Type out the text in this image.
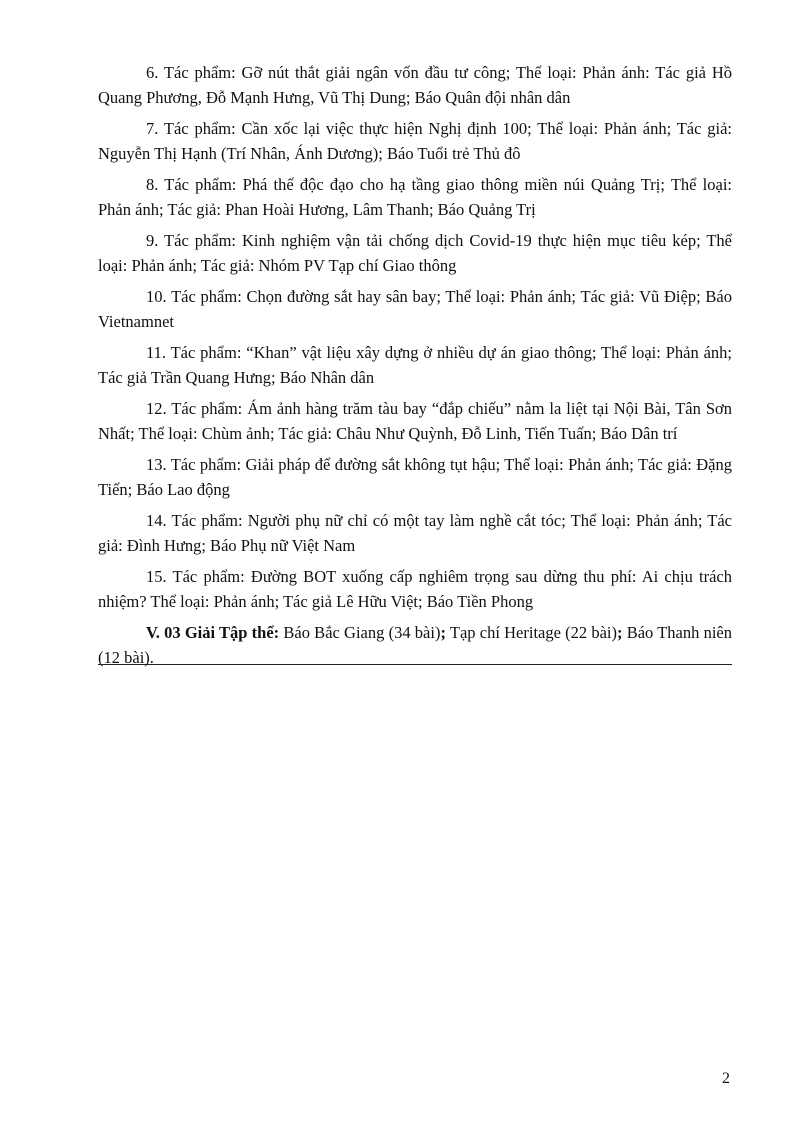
6. Tác phẩm: Gỡ nút thắt giải ngân vốn đầu tư công; Thể loại: Phản ánh: Tác giả Hồ Quang Phương, Đỗ Mạnh Hưng, Vũ Thị Dung; Báo Quân đội nhân dân

7. Tác phẩm: Cần xốc lại việc thực hiện Nghị định 100; Thể loại: Phản ánh; Tác giả: Nguyễn Thị Hạnh (Trí Nhân, Ánh Dương); Báo Tuổi trẻ Thủ đô

8. Tác phẩm: Phá thế độc đạo cho hạ tầng giao thông miền núi Quảng Trị; Thể loại: Phản ánh; Tác giả: Phan Hoài Hương, Lâm Thanh; Báo Quảng Trị

9. Tác phẩm: Kinh nghiệm vận tải chống dịch Covid-19 thực hiện mục tiêu kép; Thể loại: Phản ánh; Tác giả: Nhóm PV Tạp chí Giao thông

10. Tác phẩm: Chọn đường sắt hay sân bay; Thể loại: Phản ánh; Tác giả: Vũ Điệp; Báo Vietnamnet

11. Tác phẩm: “Khan” vật liệu xây dựng ở nhiều dự án giao thông; Thể loại: Phản ánh; Tác giả Trần Quang Hưng; Báo Nhân dân

12. Tác phẩm: Ám ảnh hàng trăm tàu bay “đắp chiếu” nằm la liệt tại Nội Bài, Tân Sơn Nhất; Thể loại: Chùm ảnh; Tác giả: Châu Như Quỳnh, Đỗ Linh, Tiến Tuấn; Báo Dân trí

13. Tác phẩm: Giải pháp để đường sắt không tụt hậu; Thể loại: Phản ánh; Tác giả: Đặng Tiến; Báo Lao động

14. Tác phẩm: Người phụ nữ chỉ có một tay làm nghề cắt tóc; Thể loại: Phản ánh; Tác giả: Đình Hưng; Báo Phụ nữ Việt Nam

15. Tác phẩm: Đường BOT xuống cấp nghiêm trọng sau dừng thu phí: Ai chịu trách nhiệm? Thể loại: Phản ánh; Tác giả Lê Hữu Việt; Báo Tiền Phong

V. 03 Giải Tập thể: Báo Bắc Giang (34 bài); Tạp chí Heritage (22 bài); Báo Thanh niên (12 bài).

2
